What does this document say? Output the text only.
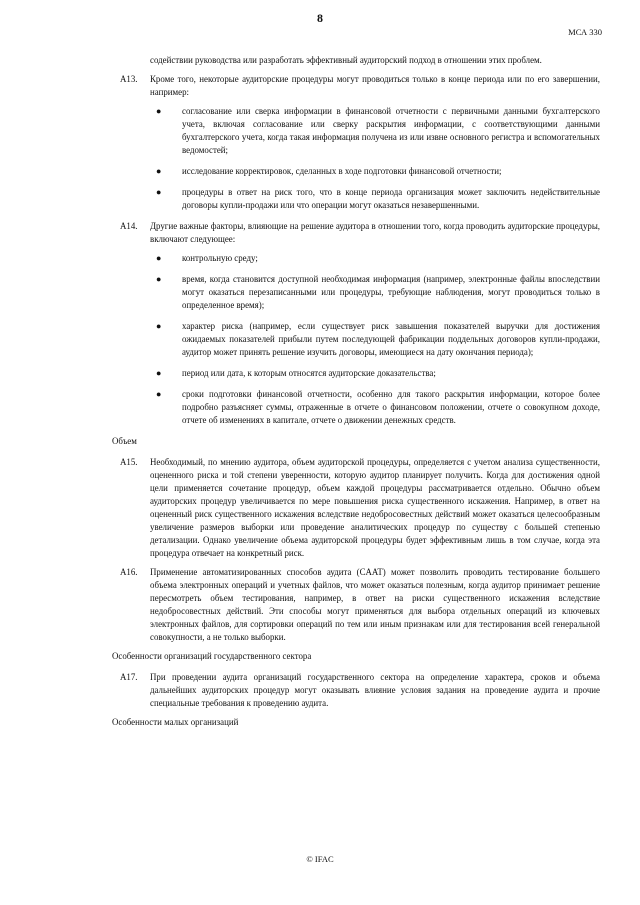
8
МСА 330

содействии руководства или разработать эффективный аудиторский подход в отношении этих проблем.

A13. Кроме того, некоторые аудиторские процедуры могут проводиться только в конце периода или по его завершении, например:

● согласование или сверка информации в финансовой отчетности с первичными данными бухгалтерского учета, включая согласование или сверку раскрытия информации, с соответствующими данными бухгалтерского учета, когда такая информация получена из или извне основного регистра и вспомогательных ведомостей;
● исследование корректировок, сделанных в ходе подготовки финансовой отчетности;
● процедуры в ответ на риск того, что в конце периода организация может заключить недействительные договоры купли-продажи или что операции могут оказаться незавершенными.
A14. Другие важные факторы, влияющие на решение аудитора в отношении того, когда проводить аудиторские процедуры, включают следующее:

● контрольную среду;
● время, когда становится доступной необходимая информация (например, электронные файлы впоследствии могут оказаться перезаписанными или процедуры, требующие наблюдения, могут проводиться только в определенное время);
● характер риска (например, если существует риск завышения показателей выручки для достижения ожидаемых показателей прибыли путем последующей фабрикации поддельных договоров купли-продажи, аудитор может принять решение изучить договоры, имеющиеся на дату окончания периода);
● период или дата, к которым относятся аудиторские доказательства;
● сроки подготовки финансовой отчетности, особенно для такого раскрытия информации, которое более подробно разъясняет суммы, отраженные в отчете о финансовом положении, отчете о совокупном доходе, отчете об изменениях в капитале, отчете о движении денежных средств.

Объем

A15. Необходимый, по мнению аудитора, объем аудиторской процедуры, определяется с учетом анализа существенности, оцененного риска и той степени уверенности, которую аудитор планирует получить. Когда для достижения одной цели применяется сочетание процедур, объем каждой процедуры рассматривается отдельно. Обычно объем аудиторских процедур увеличивается по мере повышения риска существенного искажения. Например, в ответ на оцененный риск существенного искажения вследствие недобросовестных действий может оказаться целесообразным увеличение размеров выборки или проведение аналитических процедур по существу с большей степенью детализации. Однако увеличение объема аудиторской процедуры будет эффективным лишь в том случае, когда эта процедура отвечает на конкретный риск.

A16. Применение автоматизированных способов аудита (CAAT) может позволить проводить тестирование большего объема электронных операций и учетных файлов, что может оказаться полезным, когда аудитор принимает решение пересмотреть объем тестирования, например, в ответ на риски существенного искажения вследствие недобросовестных действий. Эти способы могут применяться для выбора отдельных операций из ключевых электронных файлов, для сортировки операций по тем или иным признакам или для тестирования всей генеральной совокупности, а не только выборки.

Особенности организаций государственного сектора

A17. При проведении аудита организаций государственного сектора на определение характера, сроков и объема дальнейших аудиторских процедур могут оказывать влияние условия задания на проведение аудита и прочие специальные требования к проведению аудита.

Особенности малых организаций

© IFAC
